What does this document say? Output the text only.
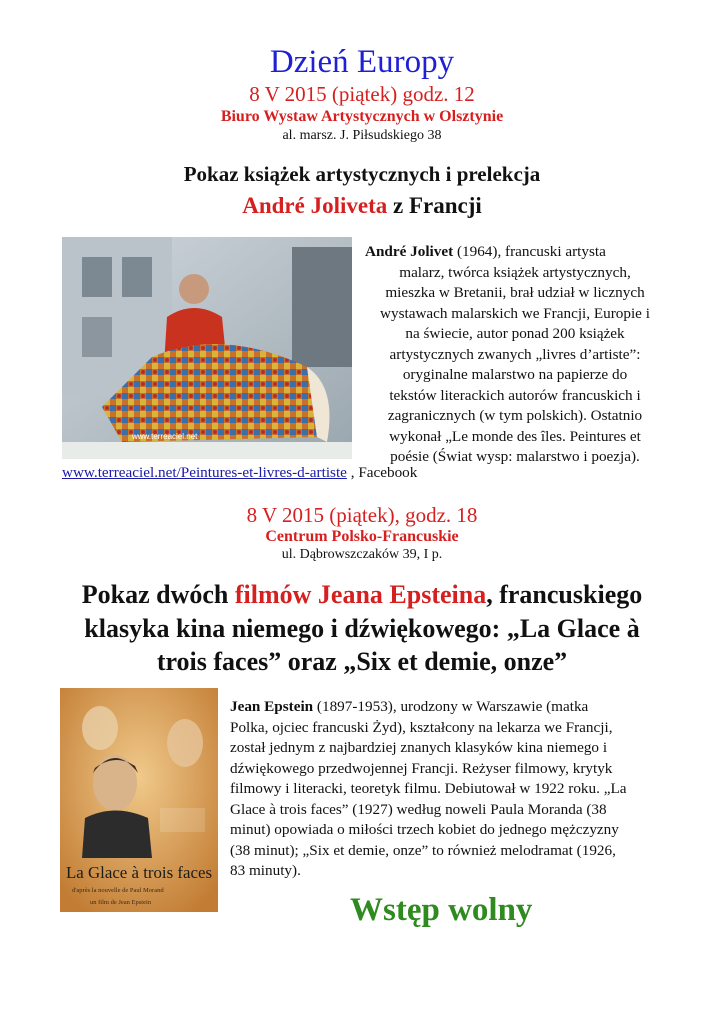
Dzień Europy
8 V 2015 (piątek) godz. 12
Biuro Wystaw Artystycznych w Olsztynie
al. marsz. J. Piłsudskiego 38
Pokaz książek artystycznych i prelekcja
André Joliveta z Francji
www.terreaciel.net
André Jolivet (1964), francuski artysta
malarz, twórca książek artystycznych,
mieszka w Bretanii, brał udział w licznych
wystawach malarskich we Francji, Europie i
na świecie, autor ponad 200 książek
artystycznych zwanych „livres d’artiste”:
oryginalne malarstwo na papierze do
tekstów literackich autorów francuskich i
zagranicznych (w tym polskich). Ostatnio
wykonał „Le monde des îles. Peintures et
poésie (Świat wysp: malarstwo i poezja).
www.terreaciel.net/Peintures-et-livres-d-artiste , Facebook
8 V 2015 (piątek), godz. 18
Centrum Polsko-Francuskie
ul. Dąbrowszczaków 39, I p.
Pokaz dwóch filmów Jeana Epsteina, francuskiego
klasyka kina niemego i dźwiękowego: „La Glace à
trois faces” oraz „Six et demie, onze”
La Glace à trois faces
d'après la nouvelle de Paul Morand
un film de Jean Epstein
Jean Epstein (1897-1953), urodzony w Warszawie (matka
Polka, ojciec francuski Żyd), kształcony na lekarza we Francji,
został jednym z najbardziej znanych klasyków kina niemego i
dźwiękowego przedwojennej Francji. Reżyser filmowy, krytyk
filmowy i literacki, teoretyk filmu. Debiutował w 1922 roku. „La
Glace à trois faces” (1927) według noweli Paula Moranda (38
minut) opowiada o miłości trzech kobiet do jednego mężczyzny
(38 minut); „Six et demie, onze” to również melodramat (1926,
83 minuty).
Wstęp wolny
